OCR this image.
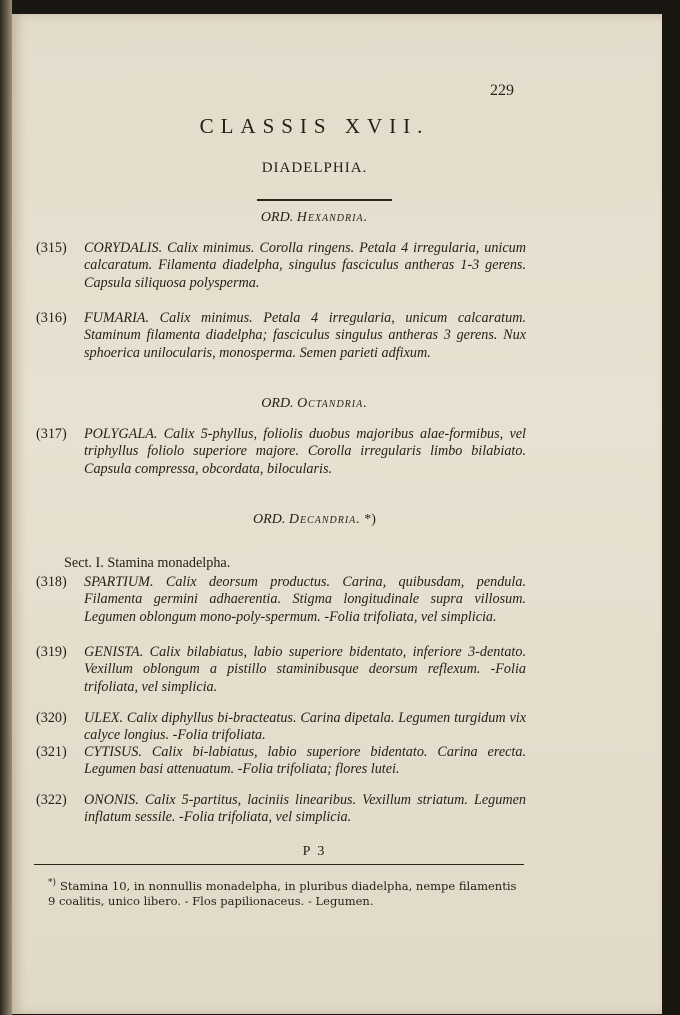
229
CLASSIS XVII.
DIADELPHIA.
ORD. Hexandria.
(315) CORYDALIS. Calix minimus. Corolla ringens. Petala 4 irregularia, unicum calcaratum. Filamenta diadelpha, singulus fasciculus antheras 1-3 gerens. Capsula siliquosa polysperma.
(316) FUMARIA. Calix minimus. Petala 4 irregularia, unicum calcaratum. Staminum filamenta diadelpha; fasciculus singulus antheras 3 gerens. Nux sphoerica unilocularis, monosperma. Semen parieti adfixum.
ORD. Octandria.
(317) POLYGALA. Calix 5-phyllus, foliolis duobus majoribus alae-formibus, vel triphyllus foliolo superiore majore. Corolla irregularis limbo bilabiato. Capsula compressa, obcordata, bilocularis.
ORD. Decandria. *)
Sect. I. Stamina monadelpha.
(318) SPARTIUM. Calix deorsum productus. Carina, quibusdam, pendula. Filamenta germini adhaerentia. Stigma longitudinale supra villosum. Legumen oblongum mono-poly-spermum. -Folia trifoliata, vel simplicia.
(319) GENISTA. Calix bilabiatus, labio superiore bidentato, inferiore 3-dentato. Vexillum oblongum a pistillo staminibusque deorsum reflexum. -Folia trifoliata, vel simplicia.
(320) ULEX. Calix diphyllus bi-bracteatus. Carina dipetala. Legumen turgidum vix calyce longius. -Folia trifoliata.
(321) CYTISUS. Calix bi-labiatus, labio superiore bidentato. Carina erecta. Legumen basi attenuatum. -Folia trifoliata; flores lutei.
(322) ONONIS. Calix 5-partitus, laciniis linearibus. Vexillum striatum. Legumen inflatum sessile. -Folia trifoliata, vel simplicia.
P 3
*) Stamina 10, in nonnullis monadelpha, in pluribus diadelpha, nempe filamentis 9 coalitis, unico libero. - Flos papilionaceus. - Legumen.
